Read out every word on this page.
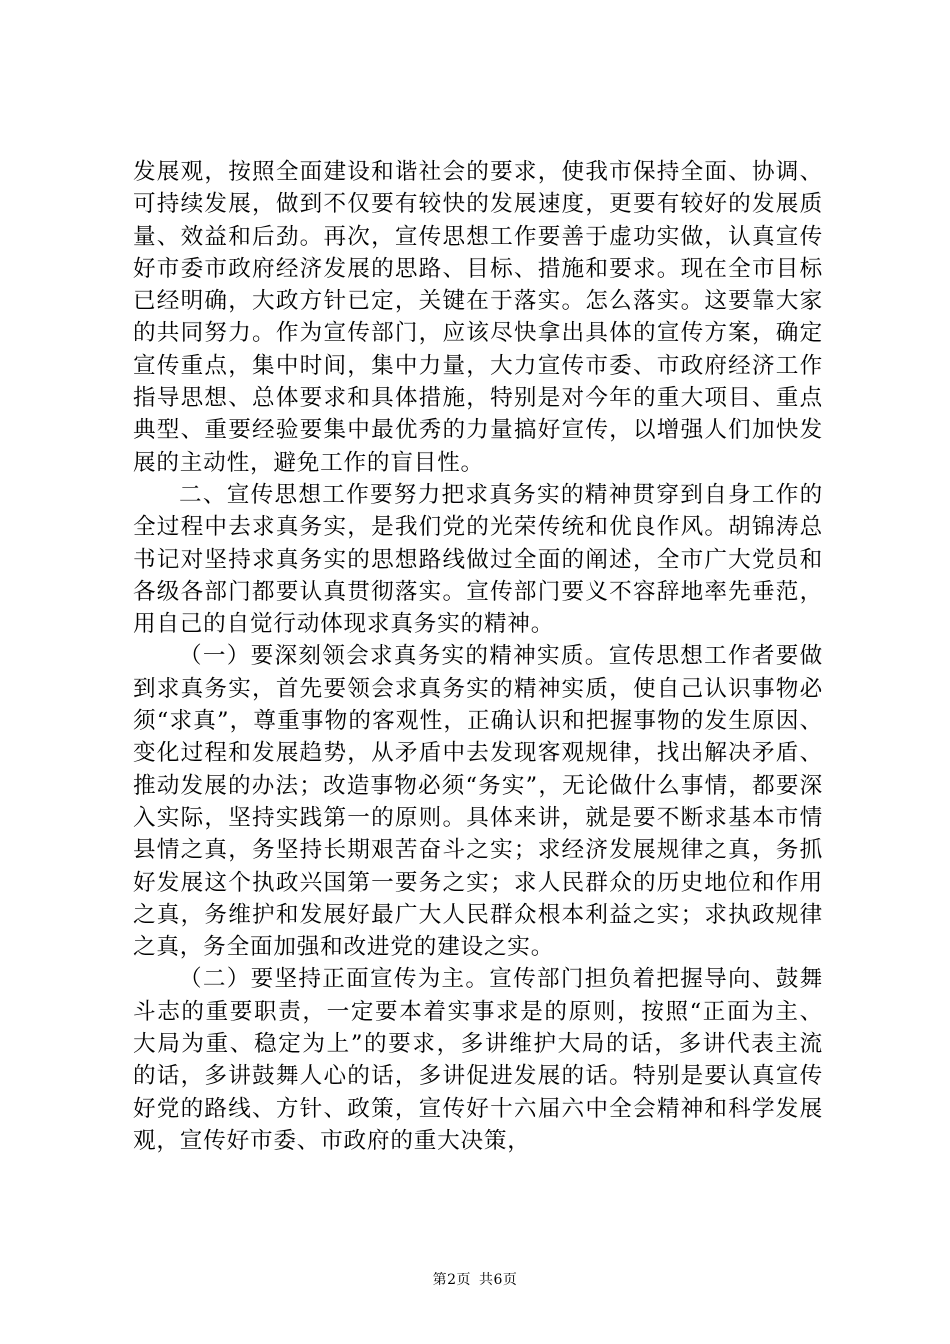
发展观，按照全面建设和谐社会的要求，使我市保持全面、协调、可持续发展，做到不仅要有较快的发展速度，更要有较好的发展质量、效益和后劲。再次，宣传思想工作要善于虚功实做，认真宣传好市委市政府经济发展的思路、目标、措施和要求。现在全市目标已经明确，大政方针已定，关键在于落实。怎么落实。这要靠大家的共同努力。作为宣传部门，应该尽快拿出具体的宣传方案，确定宣传重点，集中时间，集中力量，大力宣传市委、市政府经济工作指导思想、总体要求和具体措施，特别是对今年的重大项目、重点典型、重要经验要集中最优秀的力量搞好宣传，以增强人们加快发展的主动性，避免工作的盲目性。

二、宣传思想工作要努力把求真务实的精神贯穿到自身工作的全过程中去求真务实，是我们党的光荣传统和优良作风。胡锦涛总书记对坚持求真务实的思想路线做过全面的阐述，全市广大党员和各级各部门都要认真贯彻落实。宣传部门要义不容辞地率先垂范，用自己的自觉行动体现求真务实的精神。

（一）要深刻领会求真务实的精神实质。宣传思想工作者要做到求真务实，首先要领会求真务实的精神实质，使自己认识事物必须“求真”，尊重事物的客观性，正确认识和把握事物的发生原因、变化过程和发展趋势，从矛盾中去发现客观规律，找出解决矛盾、推动发展的办法；改造事物必须“务实”，无论做什么事情，都要深入实际，坚持实践第一的原则。具体来讲，就是要不断求基本市情县情之真，务坚持长期艰苦奋斗之实；求经济发展规律之真，务抓好发展这个执政兴国第一要务之实；求人民群众的历史地位和作用之真，务维护和发展好最广大人民群众根本利益之实；求执政规律之真，务全面加强和改进党的建设之实。

（二）要坚持正面宣传为主。宣传部门担负着把握导向、鼓舞斗志的重要职责，一定要本着实事求是的原则，按照“正面为主、大局为重、稳定为上”的要求，多讲维护大局的话，多讲代表主流的话，多讲鼓舞人心的话，多讲促进发展的话。特别是要认真宣传好党的路线、方针、政策，宣传好十六届六中全会精神和科学发展观，宣传好市委、市政府的重大决策，

第2页 共6页
